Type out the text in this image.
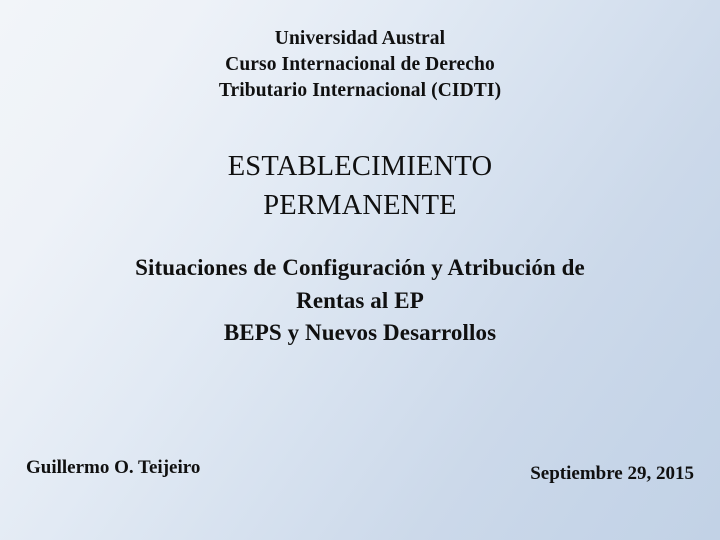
Universidad Austral
Curso Internacional de Derecho
Tributario Internacional (CIDTI)
ESTABLECIMIENTO
PERMANENTE
Situaciones de Configuración y Atribución de
Rentas al EP
BEPS y Nuevos Desarrollos
Guillermo O. Teijeiro	Septiembre 29, 2015
